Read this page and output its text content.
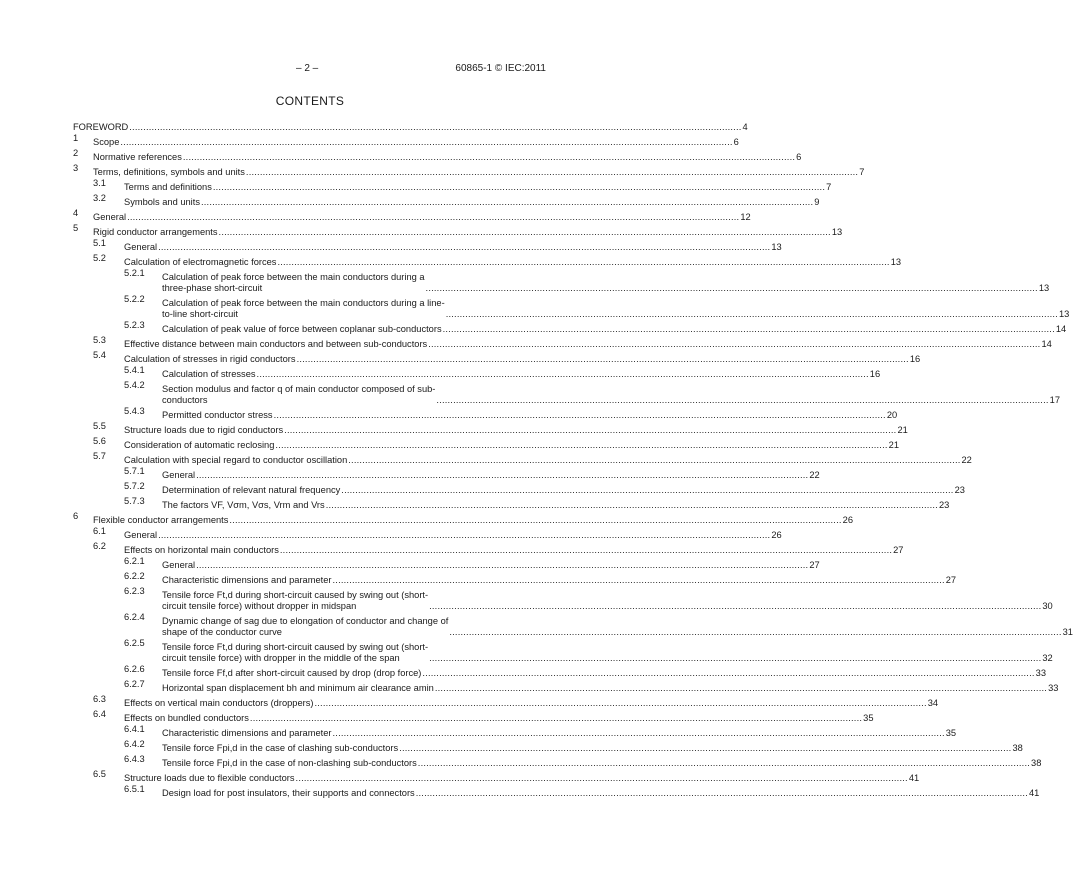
– 2 –	60865-1 © IEC:2011
CONTENTS
FOREWORD .....	4
1 Scope .....	6
2 Normative references .....	6
3 Terms, definitions, symbols and units .....	7
3.1 Terms and definitions .....	7
3.2 Symbols and units .....	9
4 General .....	12
5 Rigid conductor arrangements .....	13
5.1 General .....	13
5.2 Calculation of electromagnetic forces .....	13
5.2.1 Calculation of peak force between the main conductors during a
three-phase short-circuit .....	13
5.2.2 Calculation of peak force between the main conductors during a line-
to-line short-circuit .....	13
5.2.3 Calculation of peak value of force between coplanar sub-conductors .....	14
5.3 Effective distance between main conductors and between sub-conductors .....	14
5.4 Calculation of stresses in rigid conductors .....	16
5.4.1 Calculation of stresses .....	16
5.4.2 Section modulus and factor q of main conductor composed of sub-
conductors .....	17
5.4.3 Permitted conductor stress .....	20
5.5 Structure loads due to rigid conductors .....	21
5.6 Consideration of automatic reclosing .....	21
5.7 Calculation with special regard to conductor oscillation .....	22
5.7.1 General .....	22
5.7.2 Determination of relevant natural frequency .....	23
5.7.3 The factors VF, Vσm, Vσs, Vrm and Vrs .....	23
6 Flexible conductor arrangements .....	26
6.1 General .....	26
6.2 Effects on horizontal main conductors .....	27
6.2.1 General .....	27
6.2.2 Characteristic dimensions and parameter .....	27
6.2.3 Tensile force Ft,d during short-circuit caused by swing out (short-
circuit tensile force) without dropper in midspan .....	30
6.2.4 Dynamic change of sag due to elongation of conductor and change of
shape of the conductor curve .....	31
6.2.5 Tensile force Ft,d during short-circuit caused by swing out (short-
circuit tensile force) with dropper in the middle of the span .....	32
6.2.6 Tensile force Ff,d after short-circuit caused by drop (drop force) .....	33
6.2.7 Horizontal span displacement bh and minimum air clearance amin .....	33
6.3 Effects on vertical main conductors (droppers) .....	34
6.4 Effects on bundled conductors .....	35
6.4.1 Characteristic dimensions and parameter .....	35
6.4.2 Tensile force Fpi,d in the case of clashing sub-conductors .....	38
6.4.3 Tensile force Fpi,d in the case of non-clashing sub-conductors .....	38
6.5 Structure loads due to flexible conductors .....	41
6.5.1 Design load for post insulators, their supports and connectors .....	41
